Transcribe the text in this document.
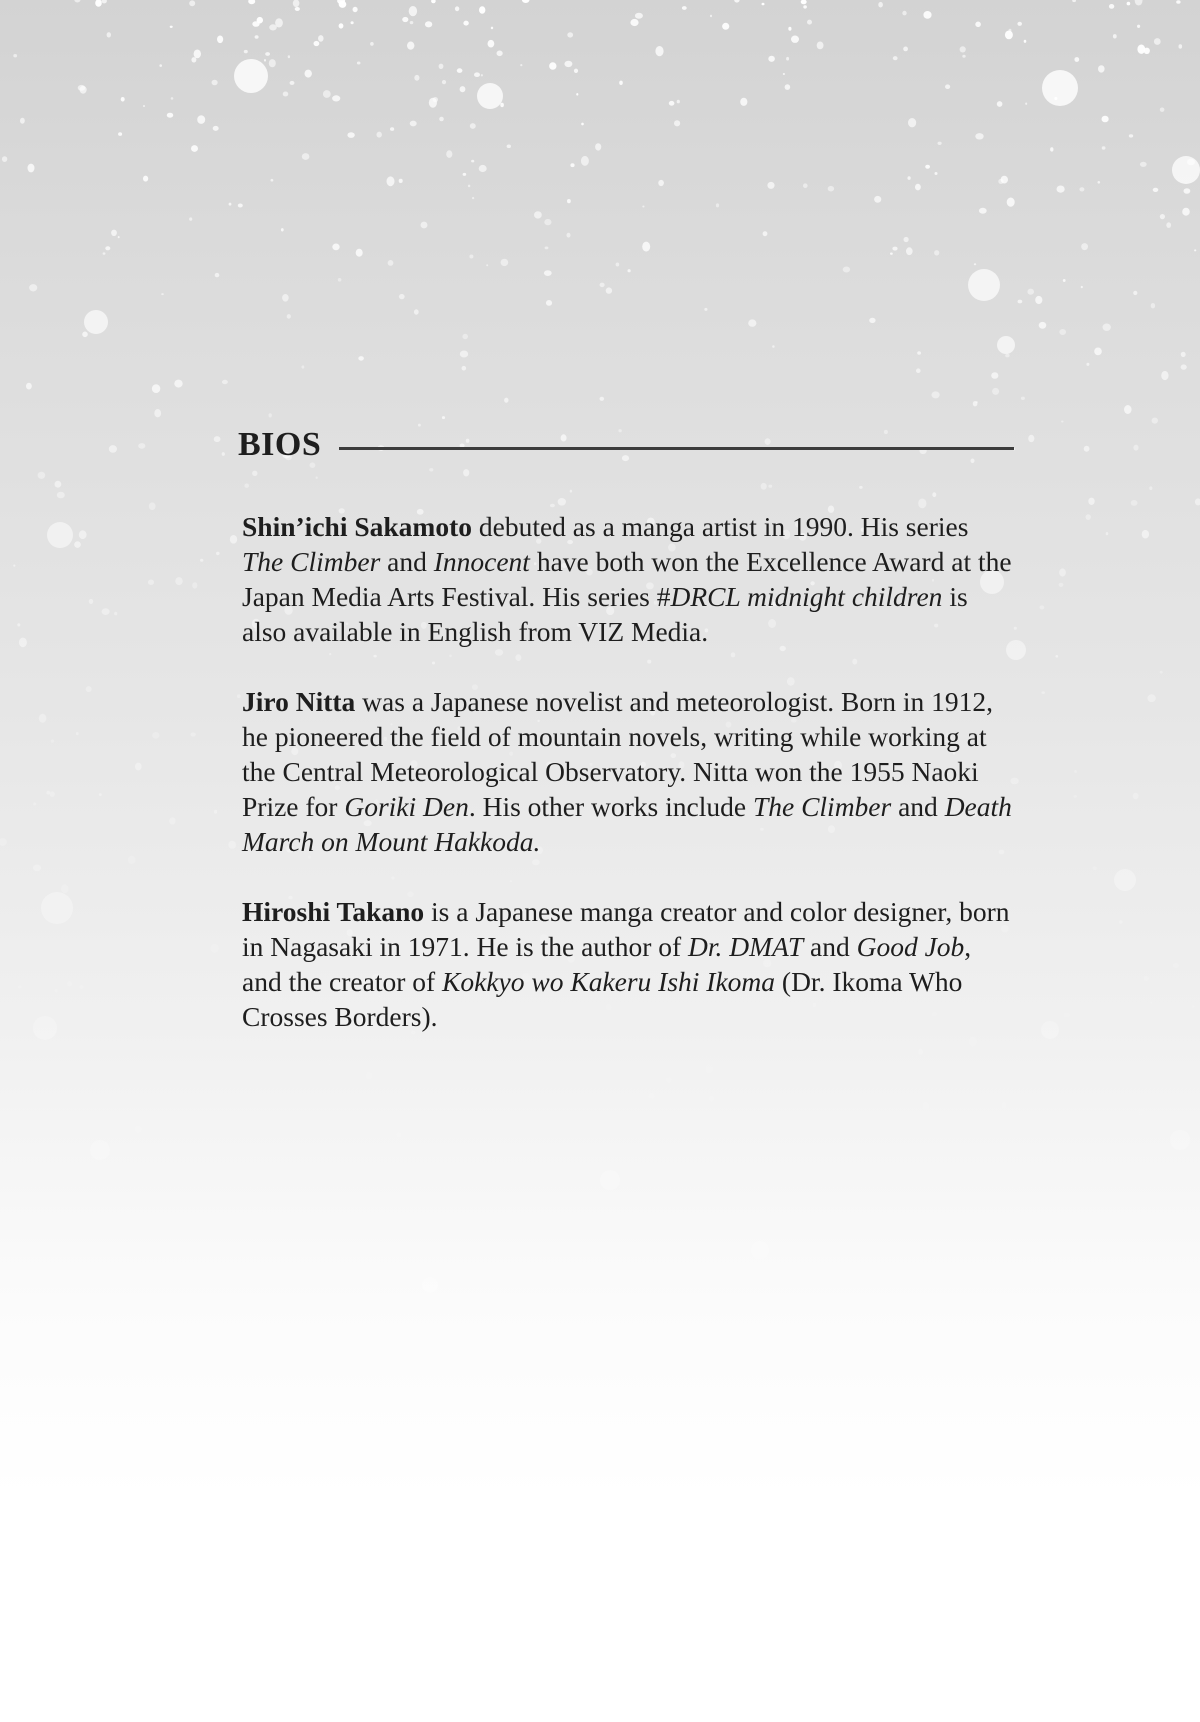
BIOS

Shin’ichi Sakamoto debuted as a manga artist in 1990. His series The Climber and Innocent have both won the Excellence Award at the Japan Media Arts Festival. His series #DRCL midnight children is also available in English from VIZ Media.

Jiro Nitta was a Japanese novelist and meteorologist. Born in 1912, he pioneered the field of mountain novels, writing while working at the Central Meteorological Observatory. Nitta won the 1955 Naoki Prize for Goriki Den. His other works include The Climber and Death March on Mount Hakkoda.

Hiroshi Takano is a Japanese manga creator and color designer, born in Nagasaki in 1971. He is the author of Dr. DMAT and Good Job, and the creator of Kokkyo wo Kakeru Ishi Ikoma (Dr. Ikoma Who Crosses Borders).
